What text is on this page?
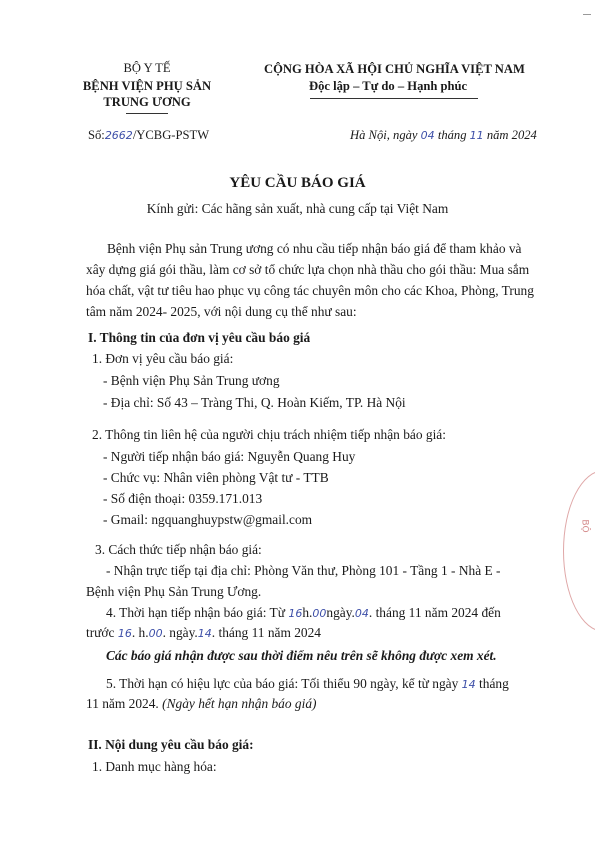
BỘ Y TẾ
BỆNH VIỆN PHỤ SẢN
TRUNG ƯƠNG
CỘNG HÒA XÃ HỘI CHỦ NGHĨA VIỆT NAM
Độc lập – Tự do – Hạnh phúc
Số:2662/YCBG-PSTW	Hà Nội, ngày 04 tháng 11 năm 2024
YÊU CẦU BÁO GIÁ
Kính gửi: Các hãng sản xuất, nhà cung cấp tại Việt Nam
Bệnh viện Phụ sản Trung ương có nhu cầu tiếp nhận báo giá để tham khảo và
xây dựng giá gói thầu, làm cơ sở tổ chức lựa chọn nhà thầu cho gói thầu: Mua sắm
hóa chất, vật tư tiêu hao phục vụ công tác chuyên môn cho các Khoa, Phòng, Trung
tâm năm 2024- 2025, với nội dung cụ thể như sau:
I. Thông tin của đơn vị yêu cầu báo giá
1. Đơn vị yêu cầu báo giá:
- Bệnh viện Phụ Sản Trung ương
- Địa chỉ: Số 43 – Tràng Thi, Q. Hoàn Kiếm, TP. Hà Nội
2. Thông tin liên hệ của người chịu trách nhiệm tiếp nhận báo giá:
- Người tiếp nhận báo giá: Nguyễn Quang Huy
- Chức vụ: Nhân viên phòng Vật tư - TTB
- Số điện thoại: 0359.171.013
- Gmail: ngquanghuypstw@gmail.com
3. Cách thức tiếp nhận báo giá:
- Nhận trực tiếp tại địa chỉ: Phòng Văn thư, Phòng 101 - Tầng 1 - Nhà E -
Bệnh viện Phụ Sản Trung Ương.
4. Thời hạn tiếp nhận báo giá: Từ 16h.00ngày.04. tháng 11 năm 2024 đến
trước 16. h.00. ngày.14. tháng 11 năm 2024
Các báo giá nhận được sau thời điểm nêu trên sẽ không được xem xét.
5. Thời hạn có hiệu lực của báo giá: Tối thiểu 90 ngày, kể từ ngày 14 tháng
11 năm 2024. (Ngày hết hạn nhận báo giá)
II. Nội dung yêu cầu báo giá:
1. Danh mục hàng hóa:
BỘ
